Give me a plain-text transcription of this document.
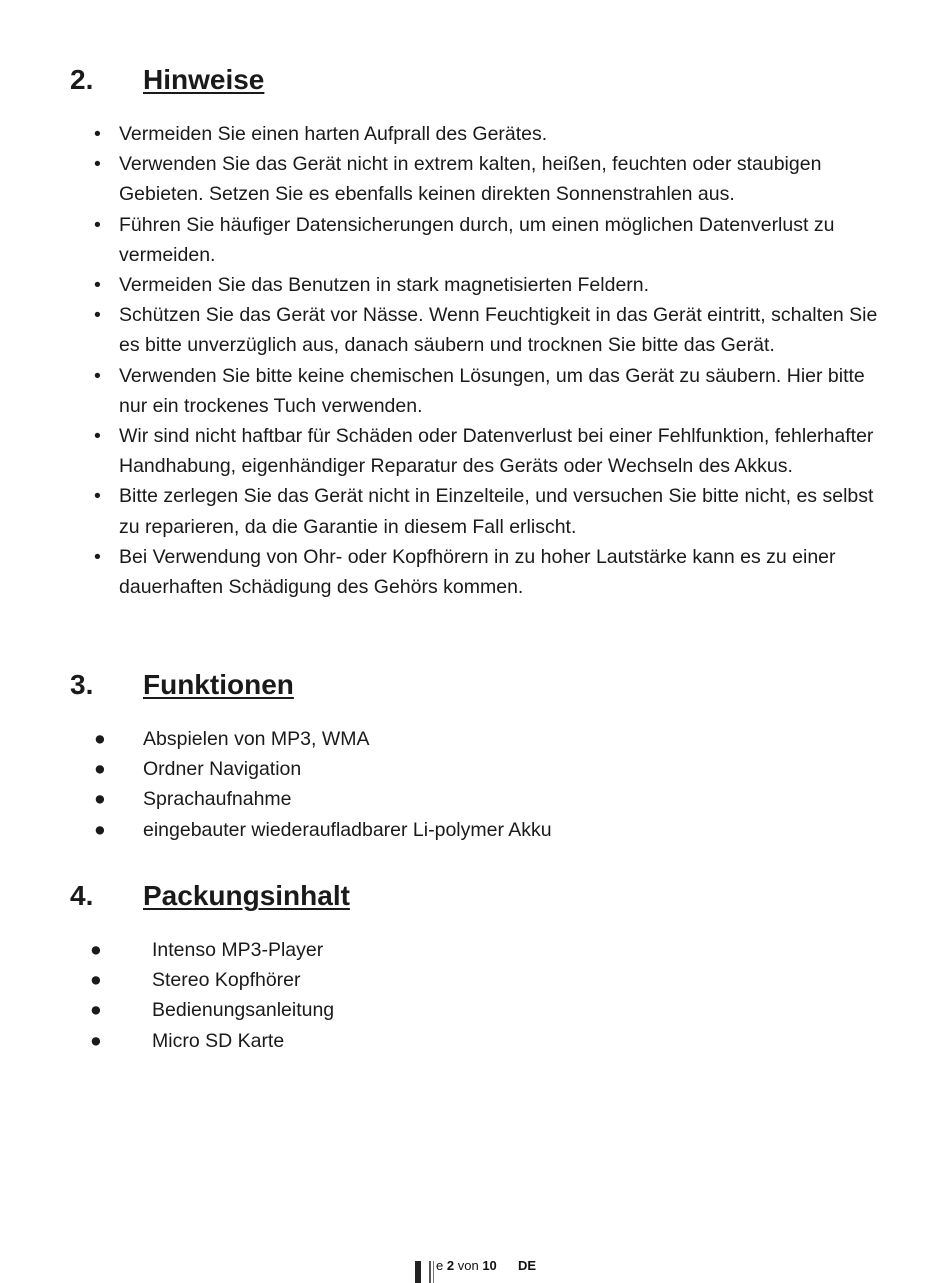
2. Hinweise
• Vermeiden Sie einen harten Aufprall des Gerätes.
• Verwenden Sie das Gerät nicht in extrem kalten, heißen, feuchten oder staubigen Gebieten. Setzen Sie es ebenfalls keinen direkten Sonnenstrahlen aus.
• Führen Sie häufiger Datensicherungen durch, um einen möglichen Datenverlust zu vermeiden.
• Vermeiden Sie das Benutzen in stark magnetisierten Feldern.
• Schützen Sie das Gerät vor Nässe. Wenn Feuchtigkeit in das Gerät eintritt, schalten Sie es bitte unverzüglich aus, danach säubern und trocknen Sie bitte das Gerät.
• Verwenden Sie bitte keine chemischen Lösungen, um das Gerät zu säubern. Hier bitte nur ein trockenes Tuch verwenden.
• Wir sind nicht haftbar für Schäden oder Datenverlust bei einer Fehlfunktion, fehlerhafter Handhabung, eigenhändiger Reparatur des Geräts oder Wechseln des Akkus.
• Bitte zerlegen Sie das Gerät nicht in Einzelteile, und versuchen Sie bitte nicht, es selbst zu reparieren, da die Garantie in diesem Fall erlischt.
• Bei Verwendung von Ohr- oder Kopfhörern in zu hoher Lautstärke kann es zu einer dauerhaften Schädigung des Gehörs kommen.
3. Funktionen
● Abspielen von MP3, WMA
● Ordner Navigation
● Sprachaufnahme
● eingebauter wiederaufladbarer Li-polymer Akku
4. Packungsinhalt
●	Intenso MP3-Player
●	Stereo Kopfhörer
●	Bedienungsanleitung
●	Micro SD Karte
e 2 von 10 DE
